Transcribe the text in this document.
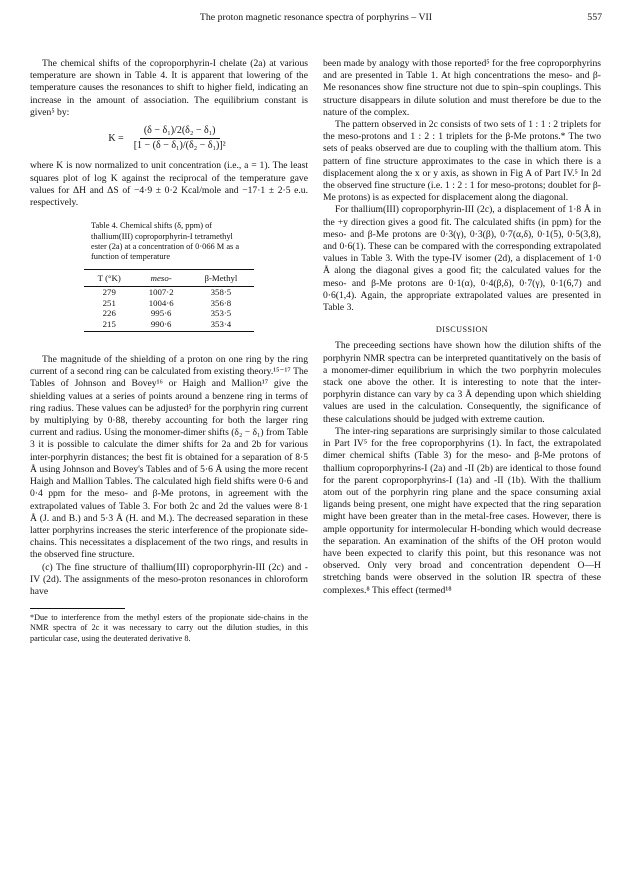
The proton magnetic resonance spectra of porphyrins – VII	557

The chemical shifts of the coproporphyrin-I chelate (2a) at various temperature are shown in Table 4. It is apparent that lowering of the temperature causes the resonances to shift to higher field, indicating an increase in the amount of association. The equilibrium constant is given⁵ by:

$K = \frac{\text{(δ − δ₁)/2(δ₂ − δ₁)}}{\text{[1 − (δ − δ₁)/(δ₂ − δ₁)]²}}$

where K is now normalized to unit concentration (i.e., a = 1). The least squares plot of log K against the reciprocal of the temperature gave values for ΔH and ΔS of −4·9 ± 0·2 Kcal/mole and −17·1 ± 2·5 e.u. respectively.

Table 4. Chemical shifts (δ, ppm) of thallium(III) coproporphyrin-I tetramethyl ester (2a) at a concentration of 0·066 M as a function of temperature

T (°K)	meso-	β-Methyl
279	1007·2	358·5
251	1004·6	356·8
226	995·6	353·5
215	990·6	353·4

The magnitude of the shielding of a proton on one ring by the ring current of a second ring can be calculated from existing theory.¹⁵⁻¹⁷ The Tables of Johnson and Bovey¹⁶ or Haigh and Mallion¹⁷ give the shielding values at a series of points around a benzene ring in terms of ring radius. These values can be adjusted⁵ for the porphyrin ring current by multiplying by 0·88, thereby accounting for both the larger ring current and radius. Using the monomer-dimer shifts (δ₂ − δ₁) from Table 3 it is possible to calculate the dimer shifts for 2a and 2b for various inter-porphyrin distances; the best fit is obtained for a separation of 8·5 Å using Johnson and Bovey's Tables and of 5·6 Å using the more recent Haigh and Mallion Tables. The calculated high field shifts were 0·6 and 0·4 ppm for the meso- and β-Me protons, in agreement with the extrapolated values of Table 3. For both 2c and 2d the values were 8·1 Å (J. and B.) and 5·3 Å (H. and M.). The decreased separation in these latter porphyrins increases the steric interference of the propionate side-chains. This necessitates a displacement of the two rings, and results in the observed fine structure.

(c) The fine structure of thallium(III) coproporphyrin-III (2c) and -IV (2d). The assignments of the meso-proton resonances in chloroform have

*Due to interference from the methyl esters of the propionate side-chains in the NMR spectra of 2c it was necessary to carry out the dilution studies, in this particular case, using the deuterated derivative 8.

been made by analogy with those reported⁵ for the free coproporphyrins and are presented in Table 1. At high concentrations the meso- and β-Me resonances show fine structure not due to spin–spin couplings. This structure disappears in dilute solution and must therefore be due to the nature of the complex.

The pattern observed in 2c consists of two sets of 1 : 1 : 2 triplets for the meso-protons and 1 : 2 : 1 triplets for the β-Me protons.* The two sets of peaks observed are due to coupling with the thallium atom. This pattern of fine structure approximates to the case in which there is a displacement along the x or y axis, as shown in Fig A of Part IV.⁵ In 2d the observed fine structure (i.e. 1 : 2 : 1 for meso-protons; doublet for β-Me protons) is as expected for displacement along the diagonal.

For thallium(III) coproporphyrin-III (2c), a displacement of 1·8 Å in the +y direction gives a good fit. The calculated shifts (in ppm) for the meso- and β-Me protons are 0·3(γ), 0·3(β), 0·7(α,δ), 0·1(5), 0·5(3,8), and 0·6(1). These can be compared with the corresponding extrapolated values in Table 3. With the type-IV isomer (2d), a displacement of 1·0 Å along the diagonal gives a good fit; the calculated values for the meso- and β-Me protons are 0·1(α), 0·4(β,δ), 0·7(γ), 0·1(6,7) and 0·6(1,4). Again, the appropriate extrapolated values are presented in Table 3.

DISCUSSION

The preceeding sections have shown how the dilution shifts of the porphyrin NMR spectra can be interpreted quantitatively on the basis of a monomer-dimer equilibrium in which the two porphyrin molecules stack one above the other. It is interesting to note that the inter-porphyrin distance can vary by ca 3 Å depending upon which shielding values are used in the calculation. Consequently, the significance of these calculations should be judged with extreme caution.

The inter-ring separations are surprisingly similar to those calculated in Part IV⁵ for the free coproporphyrins (1). In fact, the extrapolated dimer chemical shifts (Table 3) for the meso- and β-Me protons of thallium coproporphyrins-I (2a) and -II (2b) are identical to those found for the parent coproporphyrins-I (1a) and -II (1b). With the thallium atom out of the porphyrin ring plane and the space consuming axial ligands being present, one might have expected that the ring separation might have been greater than in the metal-free cases. However, there is ample opportunity for intermolecular H-bonding which would decrease the separation. An examination of the shifts of the OH proton would have been expected to clarify this point, but this resonance was not observed. Only very broad and concentration dependent O—H stretching bands were observed in the solution IR spectra of these complexes.⁸ This effect (termed¹⁸
